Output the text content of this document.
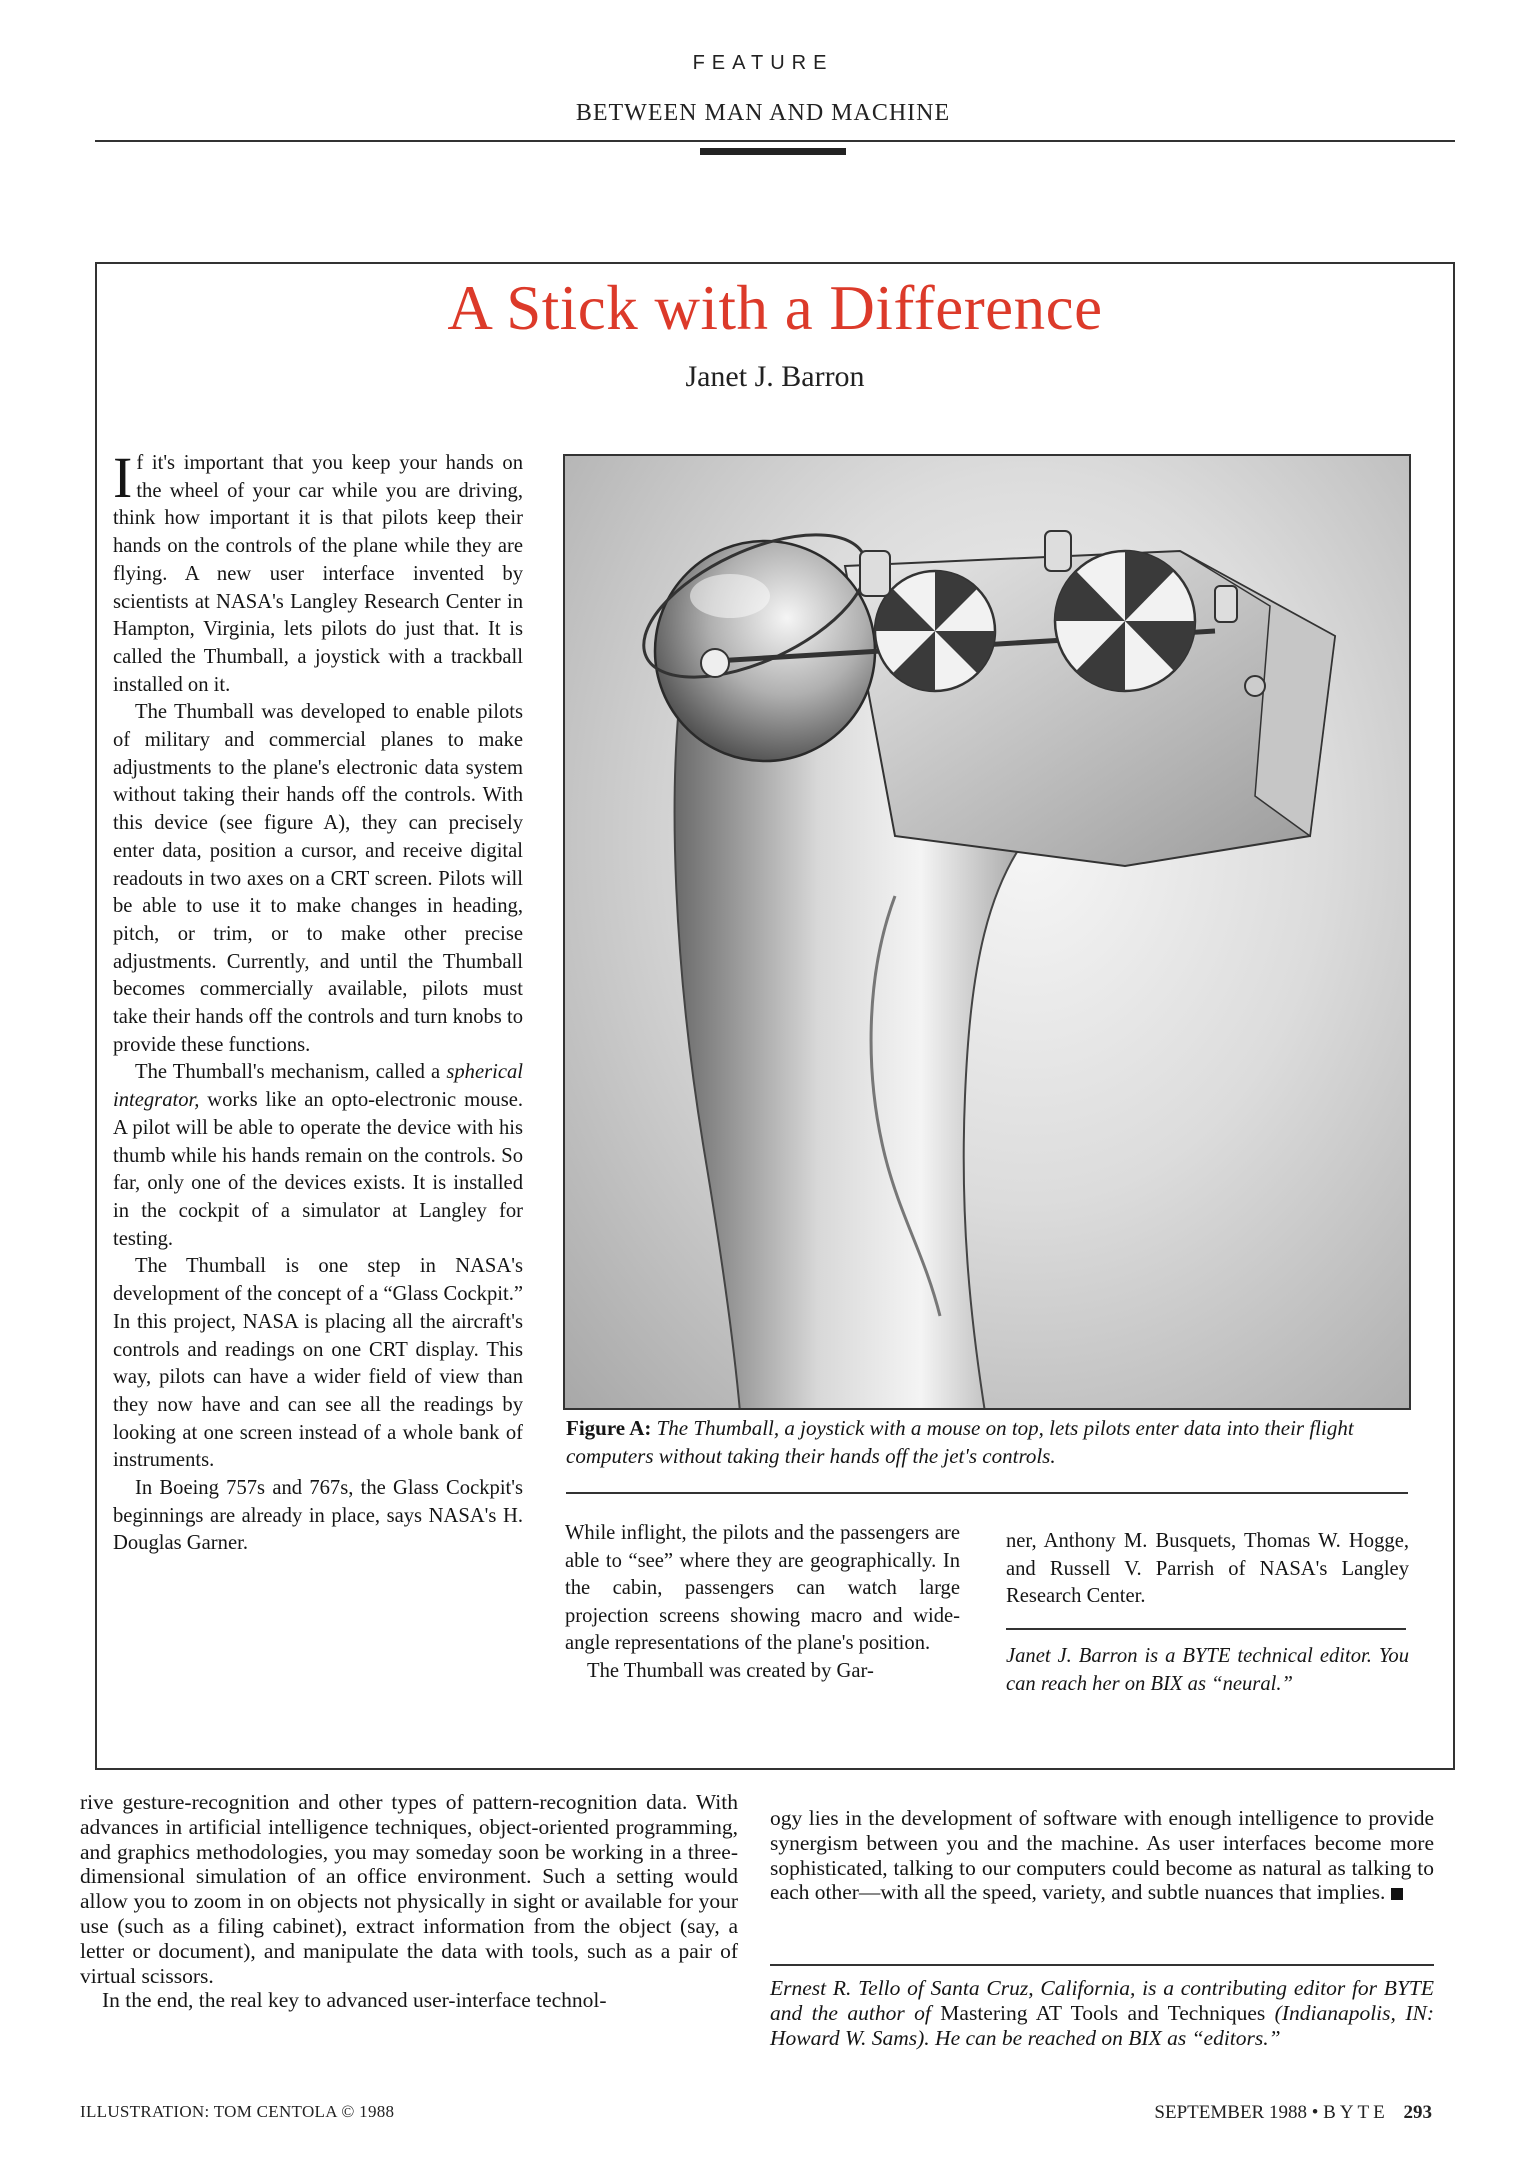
FEATURE
BETWEEN MAN AND MACHINE
A Stick with a Difference
Janet J. Barron

If it's important that you keep your hands on the wheel of your car while you are driving, think how important it is that pilots keep their hands on the controls of the plane while they are flying. A new user interface invented by scientists at NASA's Langley Research Center in Hampton, Virginia, lets pilots do just that. It is called the Thumball, a joystick with a trackball installed on it.

The Thumball was developed to enable pilots of military and commercial planes to make adjustments to the plane's electronic data system without taking their hands off the controls. With this device (see figure A), they can precisely enter data, position a cursor, and receive digital readouts in two axes on a CRT screen. Pilots will be able to use it to make changes in heading, pitch, or trim, or to make other precise adjustments. Currently, and until the Thumball becomes commercially available, pilots must take their hands off the controls and turn knobs to provide these functions.

The Thumball's mechanism, called a spherical integrator, works like an opto-electronic mouse. A pilot will be able to operate the device with his thumb while his hands remain on the controls. So far, only one of the devices exists. It is installed in the cockpit of a simulator at Langley for testing.

The Thumball is one step in NASA's development of the concept of a “Glass Cockpit.” In this project, NASA is placing all the aircraft's controls and readings on one CRT display. This way, pilots can have a wider field of view than they now have and can see all the readings by looking at one screen instead of a whole bank of instruments.

In Boeing 757s and 767s, the Glass Cockpit's beginnings are already in place, says NASA's H. Douglas Garner.

Figure A: The Thumball, a joystick with a mouse on top, lets pilots enter data into their flight computers without taking their hands off the jet's controls.

While inflight, the pilots and the passengers are able to “see” where they are geographically. In the cabin, passengers can watch large projection screens showing macro and wide-angle representations of the plane's position.

The Thumball was created by Gar-

ner, Anthony M. Busquets, Thomas W. Hogge, and Russell V. Parrish of NASA's Langley Research Center.

Janet J. Barron is a BYTE technical editor. You can reach her on BIX as “neural.”

rive gesture-recognition and other types of pattern-recognition data. With advances in artificial intelligence techniques, object-oriented programming, and graphics methodologies, you may someday soon be working in a three-dimensional simulation of an office environment. Such a setting would allow you to zoom in on objects not physically in sight or available for your use (such as a filing cabinet), extract information from the object (say, a letter or document), and manipulate the data with tools, such as a pair of virtual scissors.

In the end, the real key to advanced user-interface technol-

ogy lies in the development of software with enough intelligence to provide synergism between you and the machine. As user interfaces become more sophisticated, talking to our computers could become as natural as talking to each other—with all the speed, variety, and subtle nuances that implies.

Ernest R. Tello of Santa Cruz, California, is a contributing editor for BYTE and the author of Mastering AT Tools and Techniques (Indianapolis, IN: Howard W. Sams). He can be reached on BIX as “editors.”

ILLUSTRATION: TOM CENTOLA © 1988	SEPTEMBER 1988 • BYTE 293
